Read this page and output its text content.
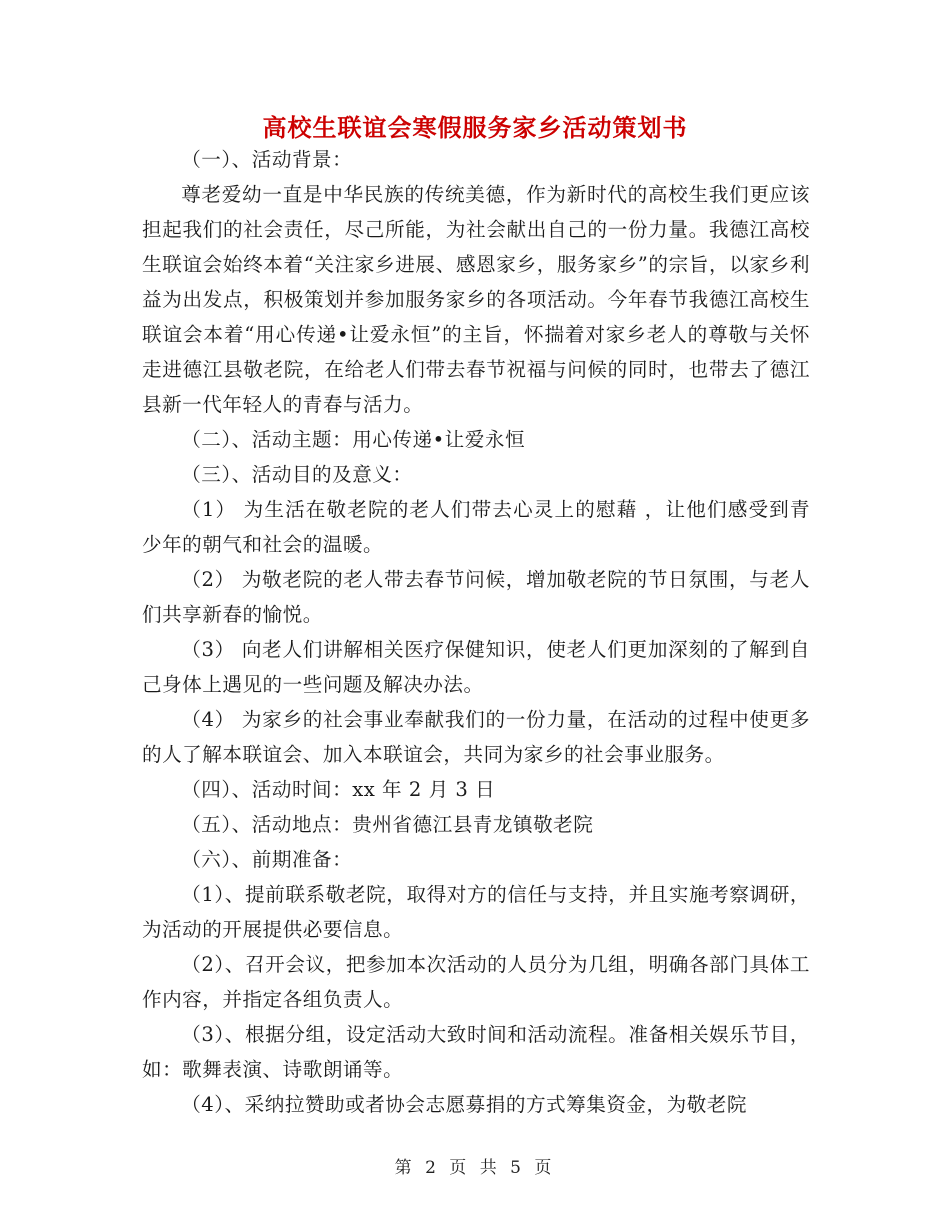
高校生联谊会寒假服务家乡活动策划书

（一）、活动背景：

尊老爱幼一直是中华民族的传统美德，作为新时代的高校生我们更应该担起我们的社会责任，尽己所能，为社会献出自己的一份力量。我德江高校生联谊会始终本着“关注家乡进展、感恩家乡，服务家乡”的宗旨，以家乡利益为出发点，积极策划并参加服务家乡的各项活动。今年春节我德江高校生联谊会本着“用心传递•让爱永恒”的主旨，怀揣着对家乡老人的尊敬与关怀走进德江县敬老院，在给老人们带去春节祝福与问候的同时，也带去了德江县新一代年轻人的青春与活力。

（二）、活动主题：用心传递•让爱永恒

（三）、活动目的及意义：

（1） 为生活在敬老院的老人们带去心灵上的慰藉 ，让他们感受到青少年的朝气和社会的温暖。

（2） 为敬老院的老人带去春节问候，增加敬老院的节日氛围，与老人们共享新春的愉悦。

（3） 向老人们讲解相关医疗保健知识，使老人们更加深刻的了解到自己身体上遇见的一些问题及解决办法。

（4） 为家乡的社会事业奉献我们的一份力量，在活动的过程中使更多的人了解本联谊会、加入本联谊会，共同为家乡的社会事业服务。

（四）、活动时间：xx 年 2 月 3 日

（五）、活动地点：贵州省德江县青龙镇敬老院

（六）、前期准备：

（1）、提前联系敬老院，取得对方的信任与支持，并且实施考察调研，为活动的开展提供必要信息。

（2）、召开会议，把参加本次活动的人员分为几组，明确各部门具体工作内容，并指定各组负责人。

（3）、根据分组，设定活动大致时间和活动流程。准备相关娱乐节目，如：歌舞表演、诗歌朗诵等。

（4）、采纳拉赞助或者协会志愿募捐的方式筹集资金，为敬老院

第 2 页 共 5 页
